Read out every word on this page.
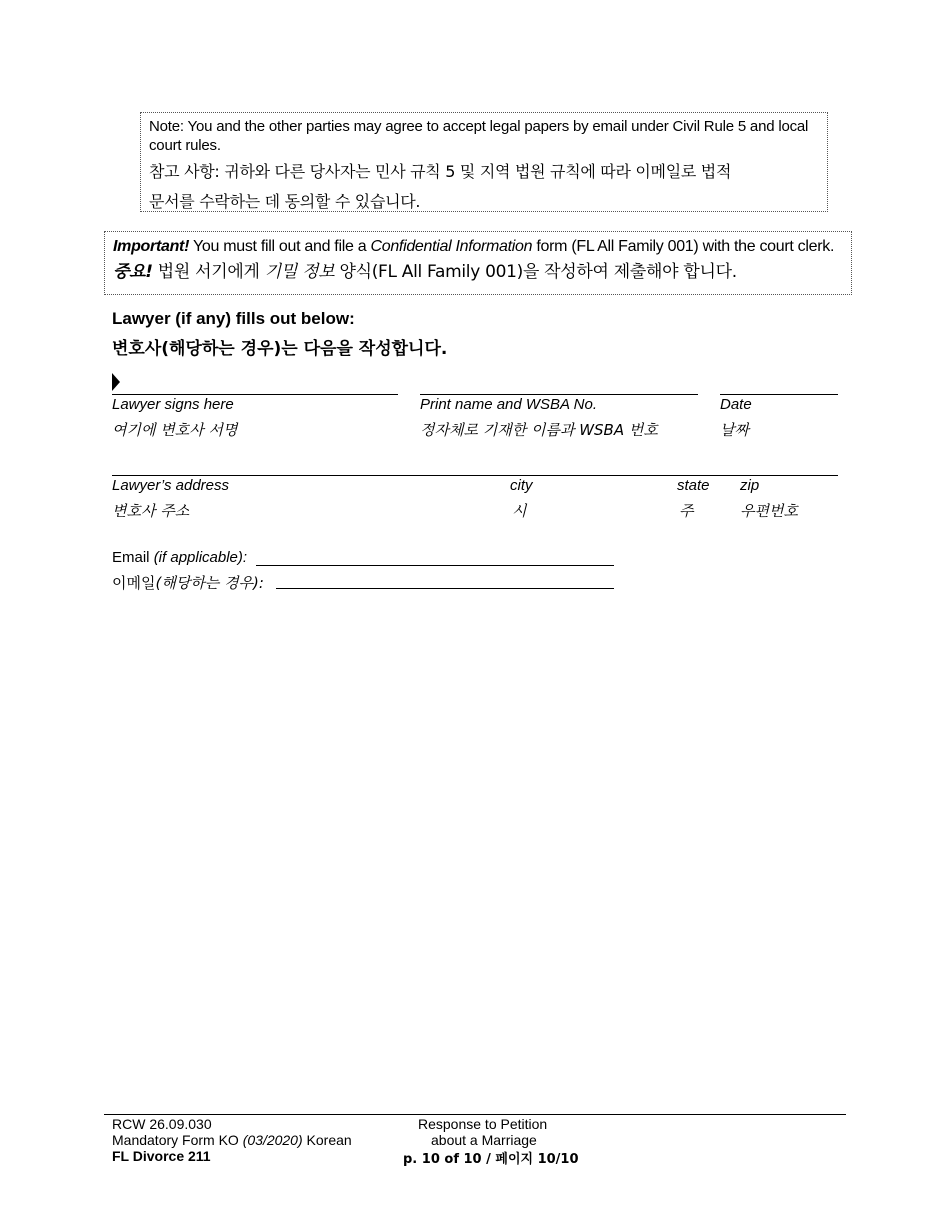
Note: You and the other parties may agree to accept legal papers by email under Civil Rule 5 and local court rules.
참고 사항: 귀하와 다른 당사자는 민사 규칙 5 및 지역 법원 규칙에 따라 이메일로 법적
문서를 수락하는 데 동의할 수 있습니다.
Important! You must fill out and file a Confidential Information form (FL All Family 001) with the court clerk.
중요! 법원 서기에게 기밀 정보 양식(FL All Family 001)을 작성하여 제출해야 합니다.
Lawyer (if any) fills out below:
변호사(해당하는 경우)는 다음을 작성합니다.
Lawyer signs here
여기에 변호사 서명
Print name and WSBA No.
정자체로 기재한 이름과 WSBA 번호
Date
날짜
Lawyer’s address
변호사 주소
city
시
state
주
zip
우편번호
Email (if applicable):
이메일(해당하는 경우):
RCW 26.09.030
Mandatory Form KO (03/2020) Korean
FL Divorce 211
Response to Petition
about a Marriage
p. 10 of 10 / 페이지 10/10
